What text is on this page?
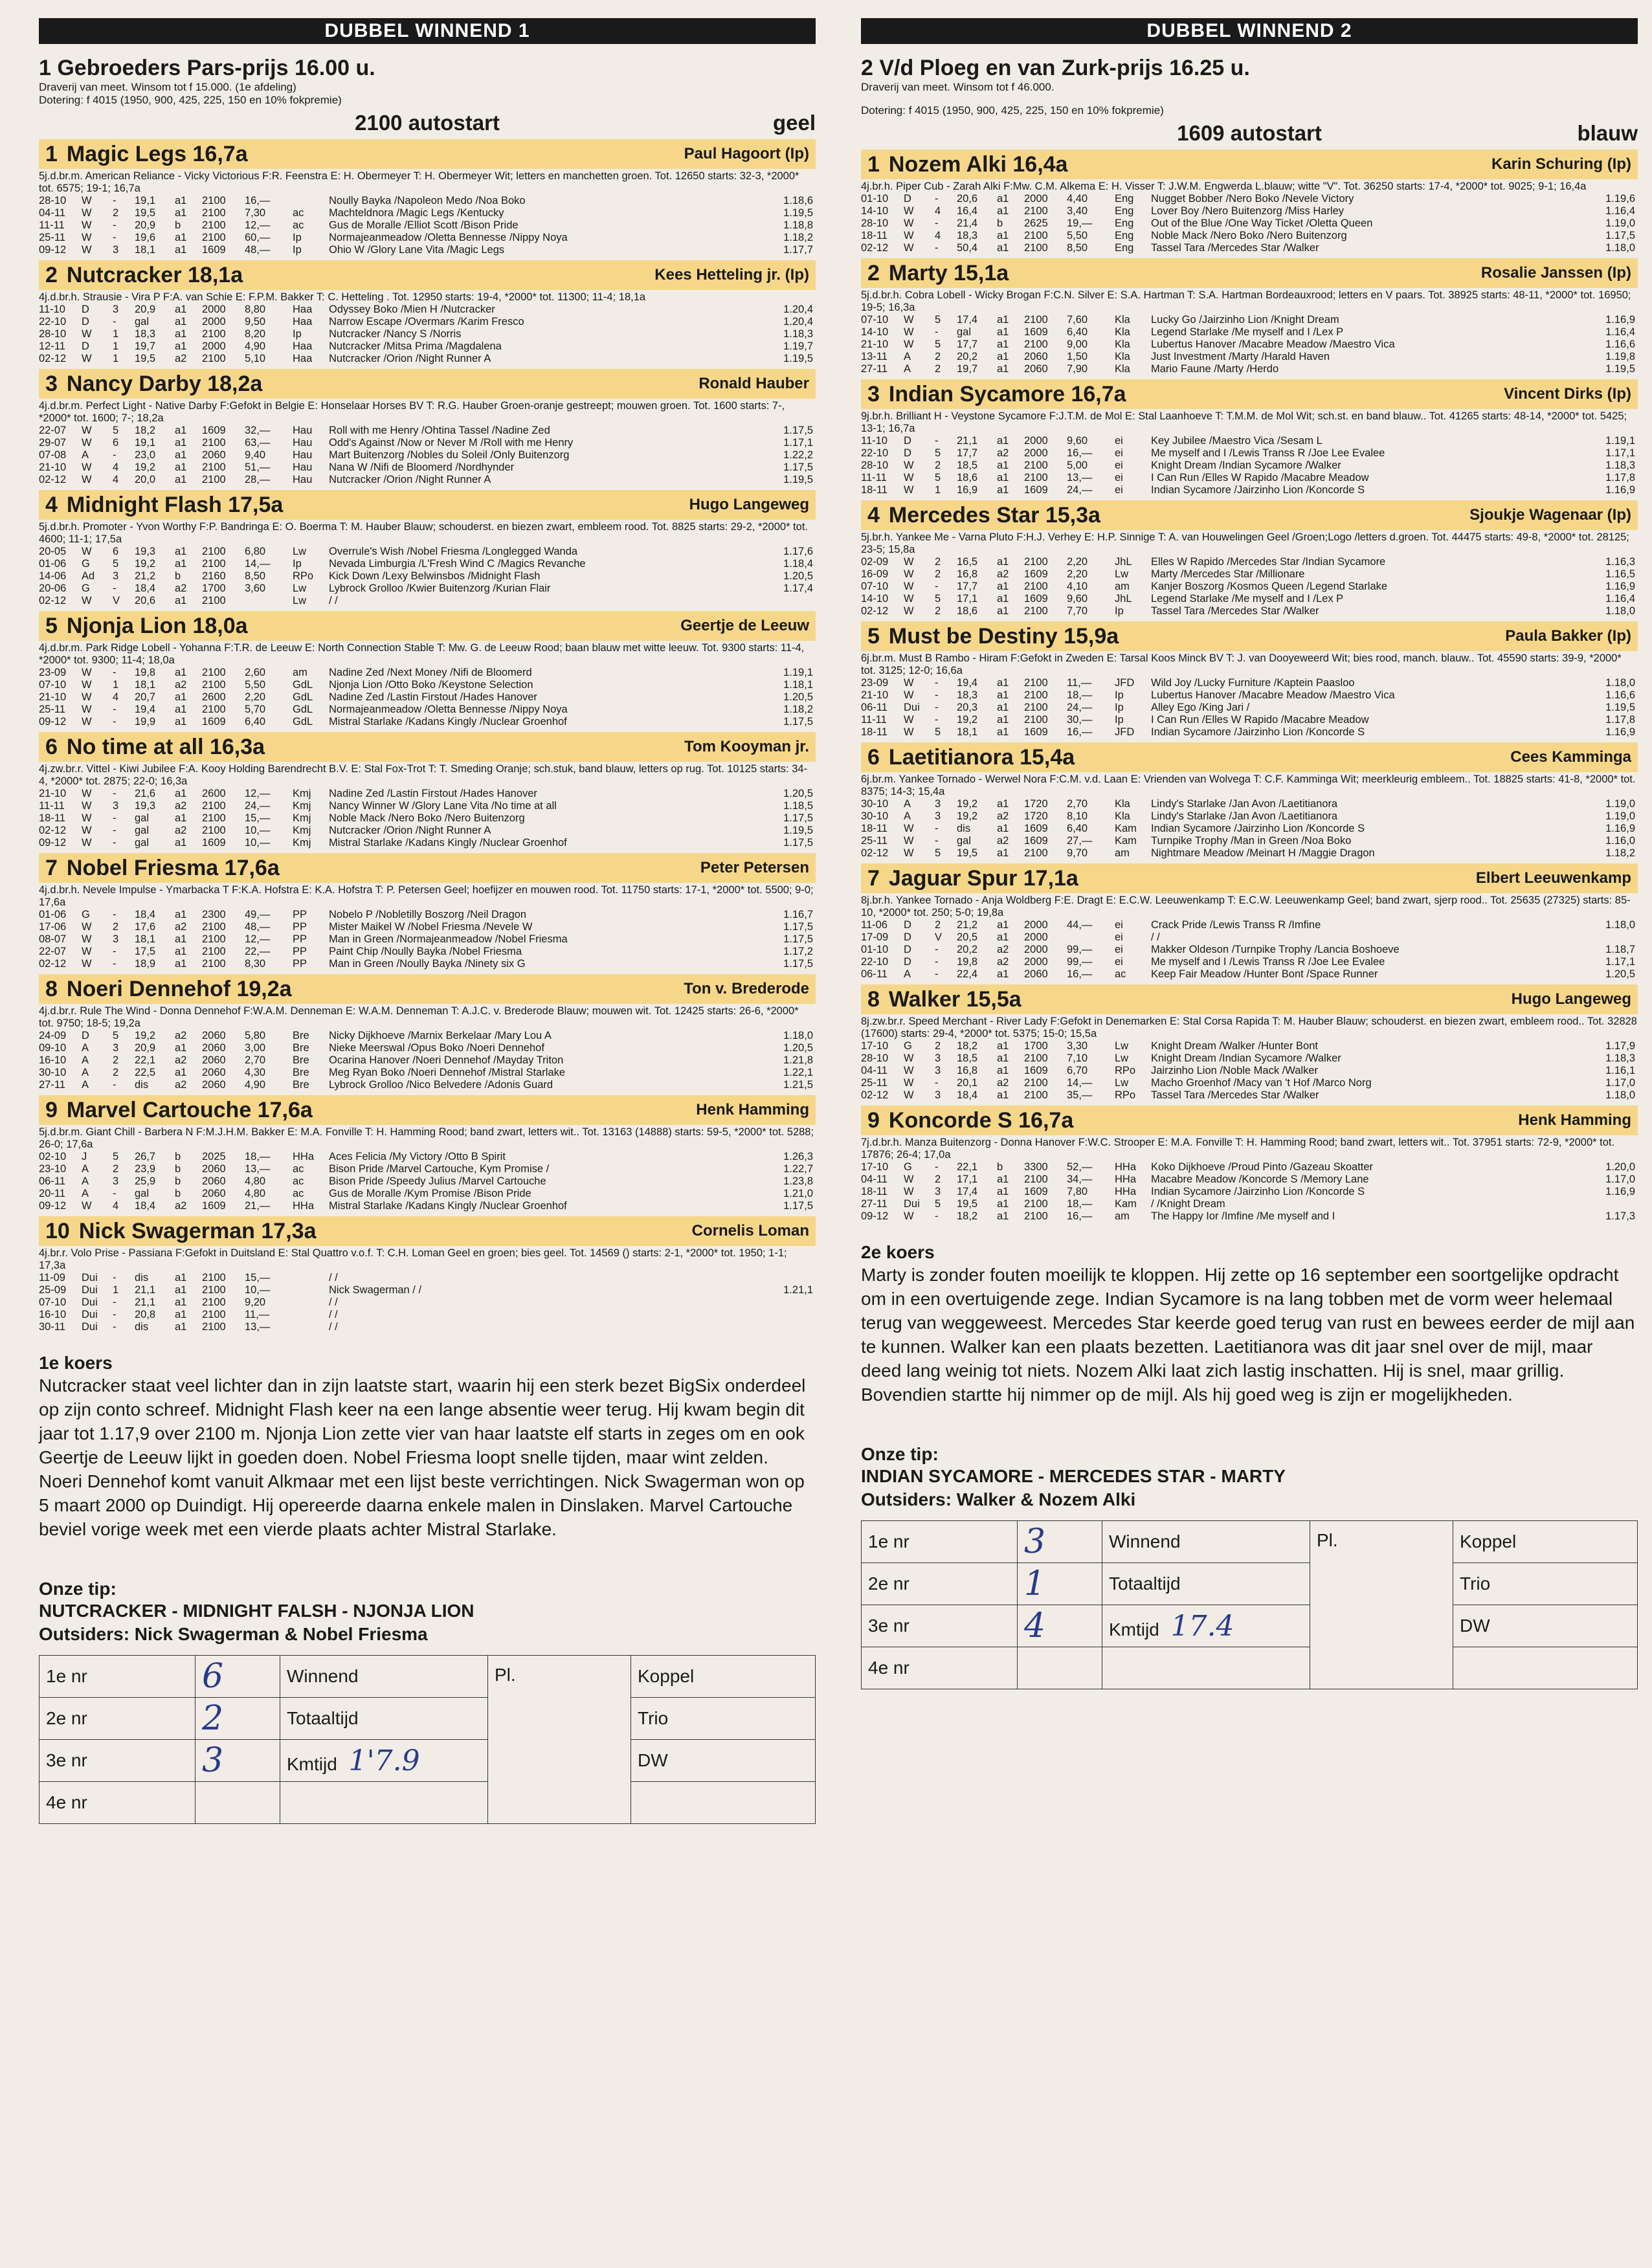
DUBBEL WINNEND 1
1 Gebroeders Pars-prijs 16.00 u.
Draverij van meet. Winsom tot f 15.000. (1e afdeling)
Dotering: f 4015 (1950, 900, 425, 225, 150 en 10% fokpremie)
2100 autostart	geel
1 Magic Legs 16,7a	Paul Hagoort (Ip)
5j.d.br.m. American Reliance - Vicky Victorious F:R. Feenstra E: H. Obermeyer T: H. Obermeyer Wit; letters en manchetten groen. Tot. 12650 starts: 32-3, *2000* tot. 6575; 19-1; 16,7a
28-10	W	-	19,1	a1	2100	16,—		Noully Bayka /Napoleon Medo /Noa Boko	1.18,6
04-11	W	2	19,5	a1	2100	7,30	ac	Machteldnora /Magic Legs /Kentucky	1.19,5
11-11	W	-	20,9	b	2100	12,—	ac	Gus de Moralle /Elliot Scott /Bison Pride	1.18,8
25-11	W	-	19,6	a1	2100	60,—	Ip	Normajeanmeadow /Oletta Bennesse /Nippy Noya	1.18,2
09-12	W	3	18,1	a1	1609	48,—	Ip	Ohio W /Glory Lane Vita /Magic Legs	1.17,7
2 Nutcracker 18,1a	Kees Hetteling jr. (Ip)
4j.d.br.h. Strausie - Vira P F:A. van Schie E: F.P.M. Bakker T: C. Hetteling . Tot. 12950 starts: 19-4, *2000* tot. 11300; 11-4; 18,1a
11-10	D	3	20,9	a1	2000	8,80	Haa	Odyssey Boko /Mien H /Nutcracker	1.20,4
22-10	D	-	gal	a1	2000	9,50	Haa	Narrow Escape /Overmars /Karim Fresco	1.20,4
28-10	W	1	18,3	a1	2100	8,20	Ip	Nutcracker /Nancy S /Norris	1.18,3
12-11	D	1	19,7	a1	2000	4,90	Haa	Nutcracker /Mitsa Prima /Magdalena	1.19,7
02-12	W	1	19,5	a2	2100	5,10	Haa	Nutcracker /Orion /Night Runner A	1.19,5
3 Nancy Darby 18,2a	Ronald Hauber
4j.d.br.m. Perfect Light - Native Darby F:Gefokt in Belgie E: Honselaar Horses BV T: R.G. Hauber Groen-oranje gestreept; mouwen groen. Tot. 1600 starts: 7-, *2000* tot. 1600; 7-; 18,2a
22-07	W	5	18,2	a1	1609	32,—	Hau	Roll with me Henry /Ohtina Tassel /Nadine Zed	1.17,5
29-07	W	6	19,1	a1	2100	63,—	Hau	Odd's Against /Now or Never M /Roll with me Henry	1.17,1
07-08	A	-	23,0	a1	2060	9,40	Hau	Mart Buitenzorg /Nobles du Soleil /Only Buitenzorg	1.22,2
21-10	W	4	19,2	a1	2100	51,—	Hau	Nana W /Nifi de Bloomerd /Nordhynder	1.17,5
02-12	W	4	20,0	a1	2100	28,—	Hau	Nutcracker /Orion /Night Runner A	1.19,5
4 Midnight Flash 17,5a	Hugo Langeweg
5j.d.br.h. Promoter - Yvon Worthy F:P. Bandringa E: O. Boerma T: M. Hauber Blauw; schouderst. en biezen zwart, embleem rood. Tot. 8825 starts: 29-2, *2000* tot. 4600; 11-1; 17,5a
20-05	W	6	19,3	a1	2100	6,80	Lw	Overrule's Wish /Nobel Friesma /Longlegged Wanda	1.17,6
01-06	G	5	19,2	a1	2100	14,—	Ip	Nevada Limburgia /L'Fresh Wind C /Magics Revanche	1.18,4
14-06	Ad	3	21,2	b	2160	8,50	RPo	Kick Down /Lexy Belwinsbos /Midnight Flash	1.20,5
20-06	G	-	18,4	a2	1700	3,60	Lw	Lybrock Grolloo /Kwier Buitenzorg /Kurian Flair	1.17,4
02-12	W	V	20,6	a1	2100		Lw	/ /	
5 Njonja Lion 18,0a	Geertje de Leeuw
4j.d.br.m. Park Ridge Lobell - Yohanna F:T.R. de Leeuw E: North Connection Stable T: Mw. G. de Leeuw Rood; baan blauw met witte leeuw. Tot. 9300 starts: 11-4, *2000* tot. 9300; 11-4; 18,0a
23-09	W	-	19,8	a1	2100	2,60	am	Nadine Zed /Next Money /Nifi de Bloomerd	1.19,1
07-10	W	1	18,1	a2	2100	5,50	GdL	Njonja Lion /Otto Boko /Keystone Selection	1.18,1
21-10	W	4	20,7	a1	2600	2,20	GdL	Nadine Zed /Lastin Firstout /Hades Hanover	1.20,5
25-11	W	-	19,4	a1	2100	5,70	GdL	Normajeanmeadow /Oletta Bennesse /Nippy Noya	1.18,2
09-12	W	-	19,9	a1	1609	6,40	GdL	Mistral Starlake /Kadans Kingly /Nuclear Groenhof	1.17,5
6 No time at all 16,3a	Tom Kooyman jr.
4j.zw.br.r. Vittel - Kiwi Jubilee F:A. Kooy Holding Barendrecht B.V. E: Stal Fox-Trot T: T. Smeding Oranje; sch.stuk, band blauw, letters op rug. Tot. 10125 starts: 34-4, *2000* tot. 2875; 22-0; 16,3a
21-10	W	-	21,6	a1	2600	12,—	Kmj	Nadine Zed /Lastin Firstout /Hades Hanover	1.20,5
11-11	W	3	19,3	a2	2100	24,—	Kmj	Nancy Winner W /Glory Lane Vita /No time at all	1.18,5
18-11	W	-	gal	a1	2100	15,—	Kmj	Noble Mack /Nero Boko /Nero Buitenzorg	1.17,5
02-12	W	-	gal	a2	2100	10,—	Kmj	Nutcracker /Orion /Night Runner A	1.19,5
09-12	W	-	gal	a1	1609	10,—	Kmj	Mistral Starlake /Kadans Kingly /Nuclear Groenhof	1.17,5
7 Nobel Friesma 17,6a	Peter Petersen
4j.d.br.h. Nevele Impulse - Ymarbacka T F:K.A. Hofstra E: K.A. Hofstra T: P. Petersen Geel; hoefijzer en mouwen rood. Tot. 11750 starts: 17-1, *2000* tot. 5500; 9-0; 17,6a
01-06	G	-	18,4	a1	2300	49,—	PP	Nobelo P /Nobletilly Boszorg /Neil Dragon	1.16,7
17-06	W	2	17,6	a2	2100	48,—	PP	Mister Maikel W /Nobel Friesma /Nevele W	1.17,5
08-07	W	3	18,1	a1	2100	12,—	PP	Man in Green /Normajeanmeadow /Nobel Friesma	1.17,5
22-07	W	-	17,5	a1	2100	22,—	PP	Paint Chip /Noully Bayka /Nobel Friesma	1.17,2
02-12	W	-	18,9	a1	2100	8,30	PP	Man in Green /Noully Bayka /Ninety six G	1.17,5
8 Noeri Dennehof 19,2a	Ton v. Brederode
4j.d.br.r. Rule The Wind - Donna Dennehof F:W.A.M. Denneman E: W.A.M. Denneman T: A.J.C. v. Brederode Blauw; mouwen wit. Tot. 12425 starts: 26-6, *2000* tot. 9750; 18-5; 19,2a
24-09	D	5	19,2	a2	2060	5,80	Bre	Nicky Dijkhoeve /Marnix Berkelaar /Mary Lou A	1.18,0
09-10	A	3	20,9	a1	2060	3,00	Bre	Nieke Meerswal /Opus Boko /Noeri Dennehof	1.20,5
16-10	A	2	22,1	a2	2060	2,70	Bre	Ocarina Hanover /Noeri Dennehof /Mayday Triton	1.21,8
30-10	A	2	22,5	a1	2060	4,30	Bre	Meg Ryan Boko /Noeri Dennehof /Mistral Starlake	1.22,1
27-11	A	-	dis	a2	2060	4,90	Bre	Lybrock Grolloo /Nico Belvedere /Adonis Guard	1.21,5
9 Marvel Cartouche 17,6a	Henk Hamming
5j.d.br.m. Giant Chill - Barbera N F:M.J.H.M. Bakker E: M.A. Fonville T: H. Hamming Rood; band zwart, letters wit.. Tot. 13163 (14888) starts: 59-5, *2000* tot. 5288; 26-0; 17,6a
02-10	J	5	26,7	b	2025	18,—	HHa	Aces Felicia /My Victory /Otto B Spirit	1.26,3
23-10	A	2	23,9	b	2060	13,—	ac	Bison Pride /Marvel Cartouche, Kym Promise /	1.22,7
06-11	A	3	25,9	b	2060	4,80	ac	Bison Pride /Speedy Julius /Marvel Cartouche	1.23,8
20-11	A	-	gal	b	2060	4,80	ac	Gus de Moralle /Kym Promise /Bison Pride	1.21,0
09-12	W	4	18,4	a2	1609	21,—	HHa	Mistral Starlake /Kadans Kingly /Nuclear Groenhof	1.17,5
10 Nick Swagerman 17,3a	Cornelis Loman
4j.br.r. Volo Prise - Passiana F:Gefokt in Duitsland E: Stal Quattro v.o.f. T: C.H. Loman Geel en groen; bies geel. Tot. 14569 () starts: 2-1, *2000* tot. 1950; 1-1; 17,3a
11-09	Dui	-	dis	a1	2100	15,—		/ /	
25-09	Dui	1	21,1	a1	2100	10,—		Nick Swagerman / /	1.21,1
07-10	Dui	-	21,1	a1	2100	9,20		/ /	
16-10	Dui	-	20,8	a1	2100	11,—		/ /	
30-11	Dui	-	dis	a1	2100	13,—		/ /	
1e koers
Nutcracker staat veel lichter dan in zijn laatste start, waarin hij een sterk bezet BigSix onderdeel op zijn conto schreef. Midnight Flash keer na een lange absentie weer terug. Hij kwam begin dit jaar tot 1.17,9 over 2100 m. Njonja Lion zette vier van haar laatste elf starts in zeges om en ook Geertje de Leeuw lijkt in goeden doen. Nobel Friesma loopt snelle tijden, maar wint zelden. Noeri Dennehof komt vanuit Alkmaar met een lijst beste verrichtingen. Nick Swagerman won op 5 maart 2000 op Duindigt. Hij opereerde daarna enkele malen in Dinslaken. Marvel Cartouche beviel vorige week met een vierde plaats achter Mistral Starlake.
Onze tip:
NUTCRACKER - MIDNIGHT FALSH - NJONJA LION
Outsiders: Nick Swagerman & Nobel Friesma
1e nr	6	Winnend	Pl.	Koppel
2e nr	2	Totaaltijd		Trio
3e nr	3	Kmtijd 1'7.9		DW
4e nr				
DUBBEL WINNEND 2
2 V/d Ploeg en van Zurk-prijs 16.25 u.
Draverij van meet. Winsom tot f 46.000.
Dotering: f 4015 (1950, 900, 425, 225, 150 en 10% fokpremie)
1609 autostart	blauw
1 Nozem Alki 16,4a	Karin Schuring (Ip)
4j.br.h. Piper Cub - Zarah Alki F:Mw. C.M. Alkema E: H. Visser T: J.W.M. Engwerda L.blauw; witte "V". Tot. 36250 starts: 17-4, *2000* tot. 9025; 9-1; 16,4a
01-10	D	-	20,6	a1	2000	4,40	Eng	Nugget Bobber /Nero Boko /Nevele Victory	1.19,6
14-10	W	4	16,4	a1	2100	3,40	Eng	Lover Boy /Nero Buitenzorg /Miss Harley	1.16,4
28-10	W	-	21,4	b	2625	19,—	Eng	Out of the Blue /One Way Ticket /Oletta Queen	1.19,0
18-11	W	4	18,3	a1	2100	5,50	Eng	Noble Mack /Nero Boko /Nero Buitenzorg	1.17,5
02-12	W	-	50,4	a1	2100	8,50	Eng	Tassel Tara /Mercedes Star /Walker	1.18,0
2 Marty 15,1a	Rosalie Janssen (Ip)
5j.d.br.h. Cobra Lobell - Wicky Brogan F:C.N. Silver E: S.A. Hartman T: S.A. Hartman Bordeauxrood; letters en V paars. Tot. 38925 starts: 48-11, *2000* tot. 16950; 19-5; 16,3a
07-10	W	5	17,4	a1	2100	7,60	Kla	Lucky Go /Jairzinho Lion /Knight Dream	1.16,9
14-10	W	-	gal	a1	1609	6,40	Kla	Legend Starlake /Me myself and I /Lex P	1.16,4
21-10	W	5	17,7	a1	2100	9,00	Kla	Lubertus Hanover /Macabre Meadow /Maestro Vica	1.16,6
13-11	A	2	20,2	a1	2060	1,50	Kla	Just Investment /Marty /Harald Haven	1.19,8
27-11	A	2	19,7	a1	2060	7,90	Kla	Mario Faune /Marty /Herdo	1.19,5
3 Indian Sycamore 16,7a	Vincent Dirks (Ip)
9j.br.h. Brilliant H - Veystone Sycamore F:J.T.M. de Mol E: Stal Laanhoeve T: T.M.M. de Mol Wit; sch.st. en band blauw.. Tot. 41265 starts: 48-14, *2000* tot. 5425; 13-1; 16,7a
11-10	D	-	21,1	a1	2000	9,60	ei	Key Jubilee /Maestro Vica /Sesam L	1.19,1
22-10	D	5	17,7	a2	2000	16,—	ei	Me myself and I /Lewis Transs R /Joe Lee Evalee	1.17,1
28-10	W	2	18,5	a1	2100	5,00	ei	Knight Dream /Indian Sycamore /Walker	1.18,3
11-11	W	5	18,6	a1	2100	13,—	ei	I Can Run /Elles W Rapido /Macabre Meadow	1.17,8
18-11	W	1	16,9	a1	1609	24,—	ei	Indian Sycamore /Jairzinho Lion /Koncorde S	1.16,9
4 Mercedes Star 15,3a	Sjoukje Wagenaar (Ip)
5j.br.h. Yankee Me - Varna Pluto F:H.J. Verhey E: H.P. Sinnige T: A. van Houwelingen Geel /Groen;Logo /letters d.groen. Tot. 44475 starts: 49-8, *2000* tot. 28125; 23-5; 15,8a
02-09	W	2	16,5	a1	2100	2,20	JhL	Elles W Rapido /Mercedes Star /Indian Sycamore	1.16,3
16-09	W	2	16,8	a2	1609	2,20	Lw	Marty /Mercedes Star /Millionare	1.16,5
07-10	W	-	17,7	a1	2100	4,10	am	Kanjer Boszorg /Kosmos Queen /Legend Starlake	1.16,9
14-10	W	5	17,1	a1	1609	9,60	JhL	Legend Starlake /Me myself and I /Lex P	1.16,4
02-12	W	2	18,6	a1	2100	7,70	Ip	Tassel Tara /Mercedes Star /Walker	1.18,0
5 Must be Destiny 15,9a	Paula Bakker (Ip)
6j.br.m. Must B Rambo - Hiram F:Gefokt in Zweden E: Tarsal Koos Minck BV T: J. van Dooyeweerd Wit; bies rood, manch. blauw.. Tot. 45590 starts: 39-9, *2000* tot. 3125; 12-0; 16,6a
23-09	W	-	19,4	a1	2100	11,—	JFD	Wild Joy /Lucky Furniture /Kaptein Paasloo	1.18,0
21-10	W	-	18,3	a1	2100	18,—	Ip	Lubertus Hanover /Macabre Meadow /Maestro Vica	1.16,6
06-11	Dui	-	20,3	a1	2100	24,—	Ip	Alley Ego /King Jari /	1.19,5
11-11	W	-	19,2	a1	2100	30,—	Ip	I Can Run /Elles W Rapido /Macabre Meadow	1.17,8
18-11	W	5	18,1	a1	1609	16,—	JFD	Indian Sycamore /Jairzinho Lion /Koncorde S	1.16,9
6 Laetitianora 15,4a	Cees Kamminga
6j.br.m. Yankee Tornado - Werwel Nora F:C.M. v.d. Laan E: Vrienden van Wolvega T: C.F. Kamminga Wit; meerkleurig embleem.. Tot. 18825 starts: 41-8, *2000* tot. 8375; 14-3; 15,4a
30-10	A	3	19,2	a1	1720	2,70	Kla	Lindy's Starlake /Jan Avon /Laetitianora	1.19,0
30-10	A	3	19,2	a2	1720	8,10	Kla	Lindy's Starlake /Jan Avon /Laetitianora	1.19,0
18-11	W	-	dis	a1	1609	6,40	Kam	Indian Sycamore /Jairzinho Lion /Koncorde S	1.16,9
25-11	W	-	gal	a2	1609	27,—	Kam	Turnpike Trophy /Man in Green /Noa Boko	1.16,0
02-12	W	5	19,5	a1	2100	9,70	am	Nightmare Meadow /Meinart H /Maggie Dragon	1.18,2
7 Jaguar Spur 17,1a	Elbert Leeuwenkamp
8j.br.h. Yankee Tornado - Anja Woldberg F:E. Dragt E: E.C.W. Leeuwenkamp T: E.C.W. Leeuwenkamp Geel; band zwart, sjerp rood.. Tot. 25635 (27325) starts: 85-10, *2000* tot. 250; 5-0; 19,8a
11-06	D	2	21,2	a1	2000	44,—	ei	Crack Pride /Lewis Transs R /Imfine	1.18,0
17-09	D	V	20,5	a1	2000		ei	/ /	
01-10	D	-	20,2	a2	2000	99,—	ei	Makker Oldeson /Turnpike Trophy /Lancia Boshoeve	1.18,7
22-10	D	-	19,8	a2	2000	99,—	ei	Me myself and I /Lewis Transs R /Joe Lee Evalee	1.17,1
06-11	A	-	22,4	a1	2060	16,—	ac	Keep Fair Meadow /Hunter Bont /Space Runner	1.20,5
8 Walker 15,5a	Hugo Langeweg
8j.zw.br.r. Speed Merchant - River Lady F:Gefokt in Denemarken E: Stal Corsa Rapida T: M. Hauber Blauw; schouderst. en biezen zwart, embleem rood.. Tot. 32828 (17600) starts: 29-4, *2000* tot. 5375; 15-0; 15,5a
17-10	G	2	18,2	a1	1700	3,30	Lw	Knight Dream /Walker /Hunter Bont	1.17,9
28-10	W	3	18,5	a1	2100	7,10	Lw	Knight Dream /Indian Sycamore /Walker	1.18,3
04-11	W	3	16,8	a1	1609	6,70	RPo	Jairzinho Lion /Noble Mack /Walker	1.16,1
25-11	W	-	20,1	a2	2100	14,—	Lw	Macho Groenhof /Macy van 't Hof /Marco Norg	1.17,0
02-12	W	3	18,4	a1	2100	35,—	RPo	Tassel Tara /Mercedes Star /Walker	1.18,0
9 Koncorde S 16,7a	Henk Hamming
7j.d.br.h. Manza Buitenzorg - Donna Hanover F:W.C. Strooper E: M.A. Fonville T: H. Hamming Rood; band zwart, letters wit.. Tot. 37951 starts: 72-9, *2000* tot. 17876; 26-4; 17,0a
17-10	G	-	22,1	b	3300	52,—	HHa	Koko Dijkhoeve /Proud Pinto /Gazeau Skoatter	1.20,0
04-11	W	2	17,1	a1	2100	34,—	HHa	Macabre Meadow /Koncorde S /Memory Lane	1.17,0
18-11	W	3	17,4	a1	1609	7,80	HHa	Indian Sycamore /Jairzinho Lion /Koncorde S	1.16,9
27-11	Dui	5	19,5	a1	2100	18,—	Kam	/ /Knight Dream	
09-12	W	-	18,2	a1	2100	16,—	am	The Happy Ior /Imfine /Me myself and I	1.17,3
2e koers
Marty is zonder fouten moeilijk te kloppen. Hij zette op 16 september een soortgelijke opdracht om in een overtuigende zege. Indian Sycamore is na lang tobben met de vorm weer helemaal terug van weggeweest. Mercedes Star keerde goed terug van rust en bewees eerder de mijl aan te kunnen. Walker kan een plaats bezetten. Laetitianora was dit jaar snel over de mijl, maar deed lang weinig tot niets. Nozem Alki laat zich lastig inschatten. Hij is snel, maar grillig. Bovendien startte hij nimmer op de mijl. Als hij goed weg is zijn er mogelijkheden.
Onze tip:
INDIAN SYCAMORE - MERCEDES STAR - MARTY
Outsiders: Walker & Nozem Alki
1e nr	3	Winnend	Pl.	Koppel
2e nr	1	Totaaltijd		Trio
3e nr	4	Kmtijd 17.4		DW
4e nr				
